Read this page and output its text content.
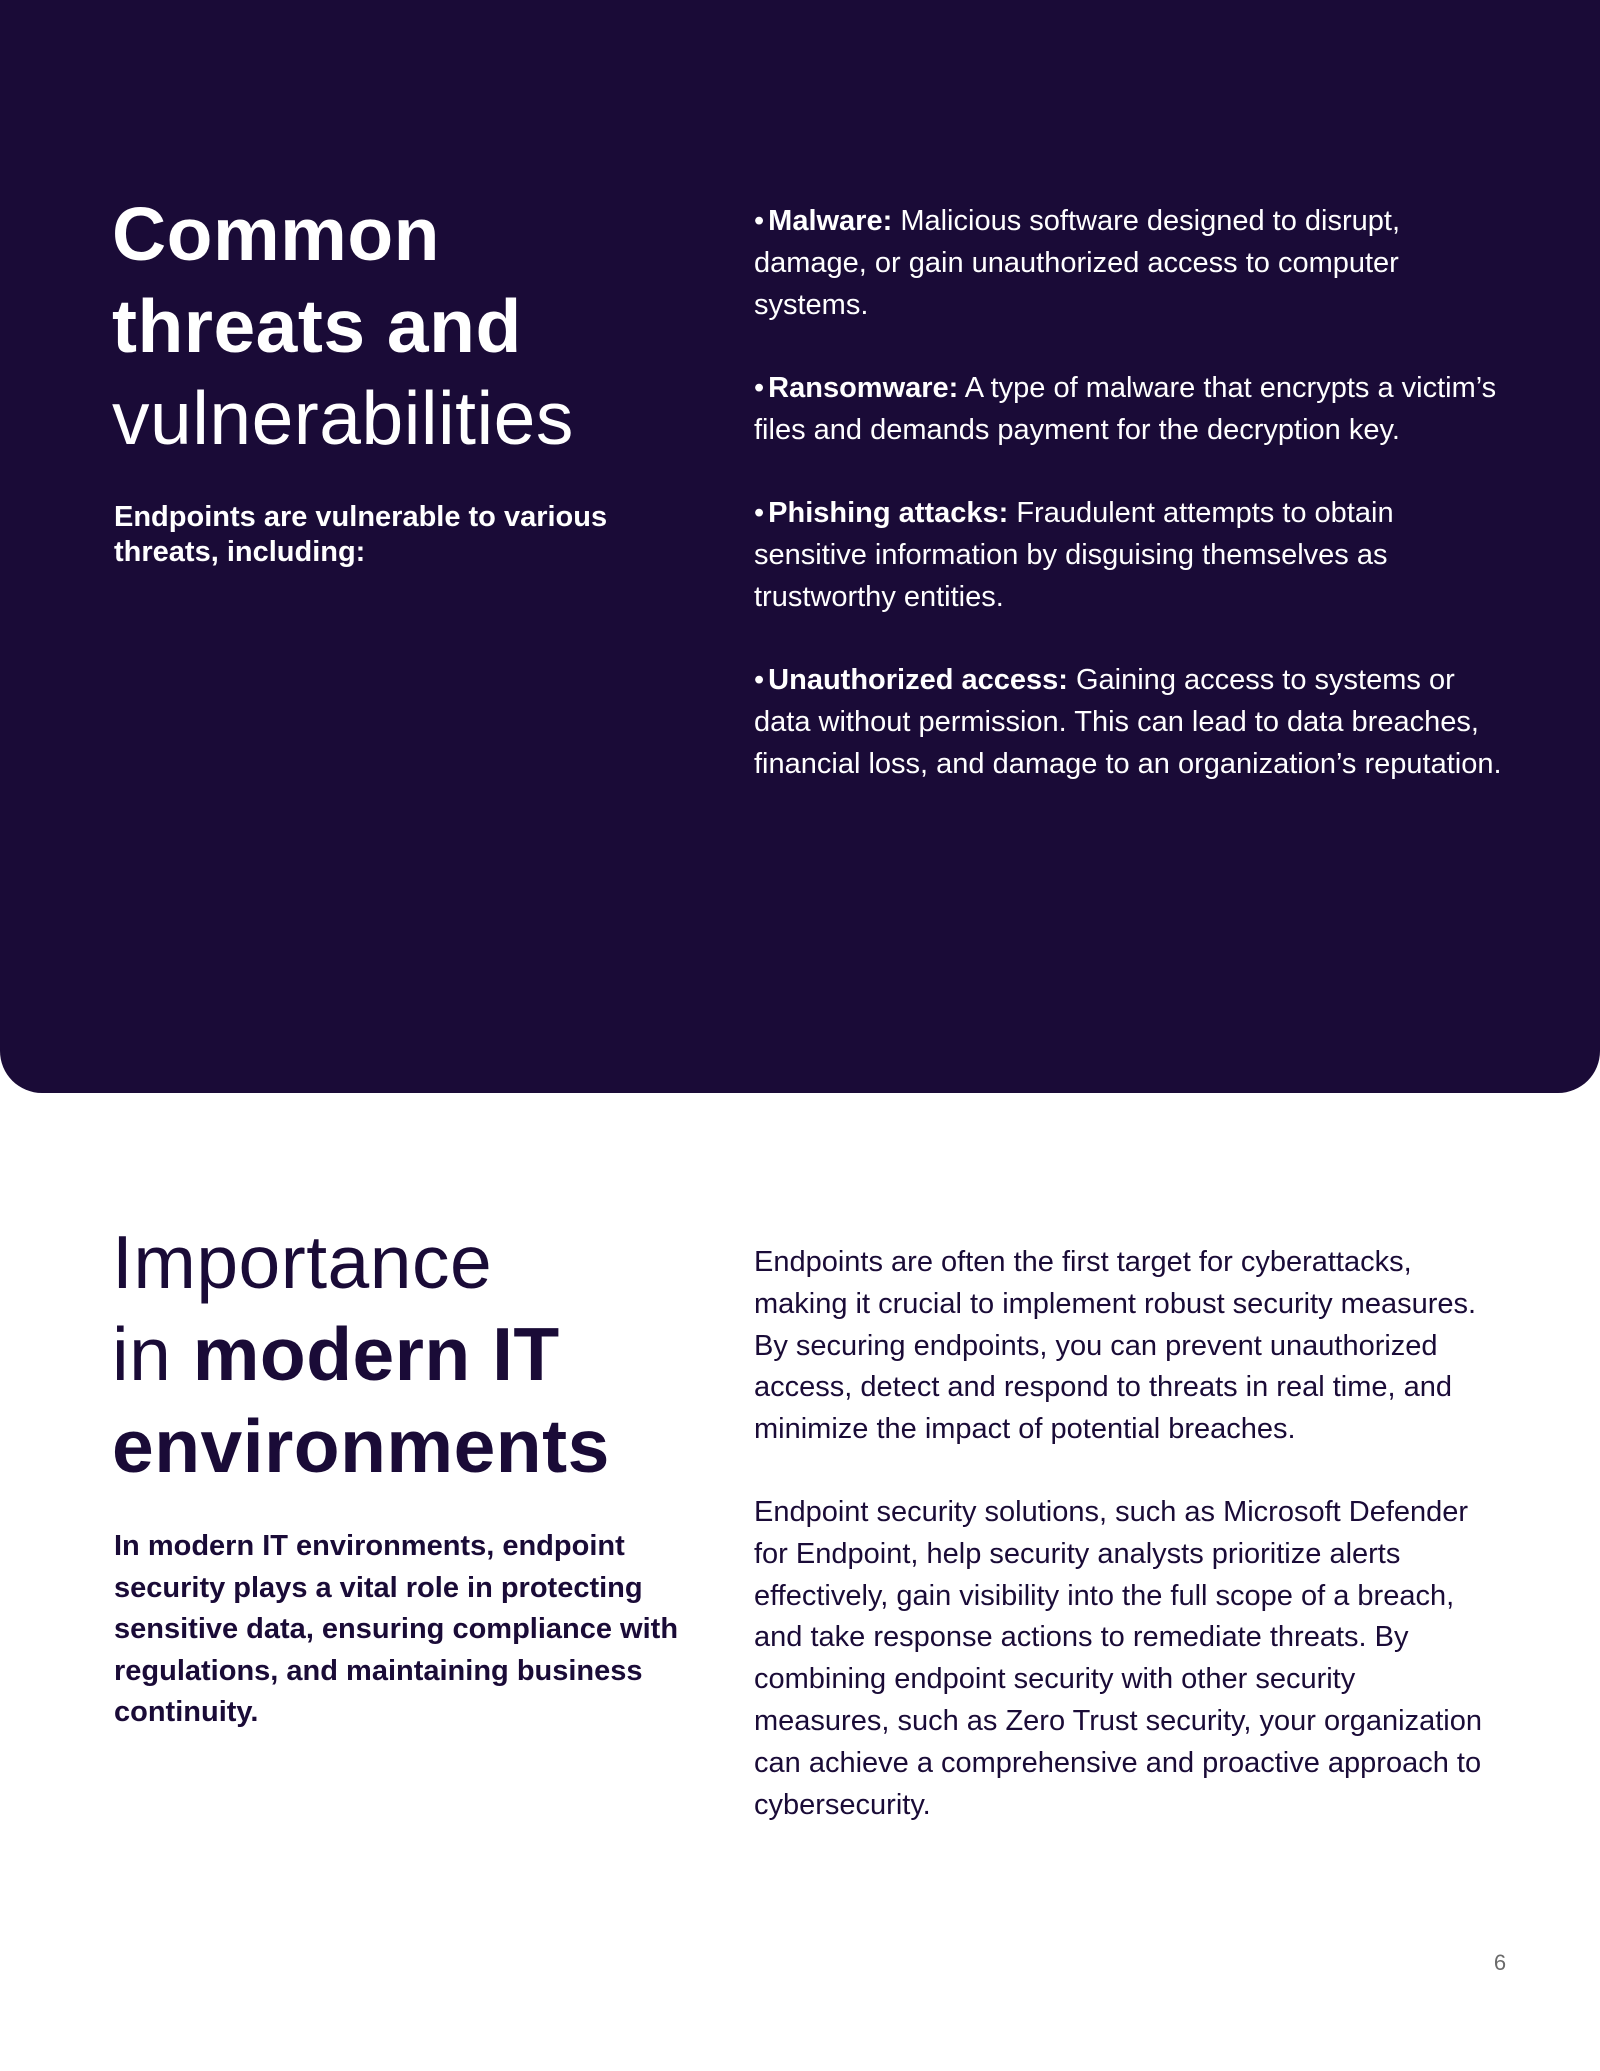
Common
threats and
vulnerabilities

Endpoints are vulnerable to various threats, including:

• Malware: Malicious software designed to disrupt, damage, or gain unauthorized access to computer systems.
• Ransomware: A type of malware that encrypts a victim’s files and demands payment for the decryption key.
• Phishing attacks: Fraudulent attempts to obtain sensitive information by disguising themselves as trustworthy entities.
• Unauthorized access: Gaining access to systems or data without permission. This can lead to data breaches, financial loss, and damage to an organization’s reputation.
Importance
in modern IT
environments

In modern IT environments, endpoint security plays a vital role in protecting sensitive data, ensuring compliance with regulations, and maintaining business continuity.

Endpoints are often the first target for cyberattacks, making it crucial to implement robust security measures. By securing endpoints, you can prevent unauthorized access, detect and respond to threats in real time, and minimize the impact of potential breaches.

Endpoint security solutions, such as Microsoft Defender for Endpoint, help security analysts prioritize alerts effectively, gain visibility into the full scope of a breach, and take response actions to remediate threats. By combining endpoint security with other security measures, such as Zero Trust security, your organization can achieve a comprehensive and proactive approach to cybersecurity.

6
